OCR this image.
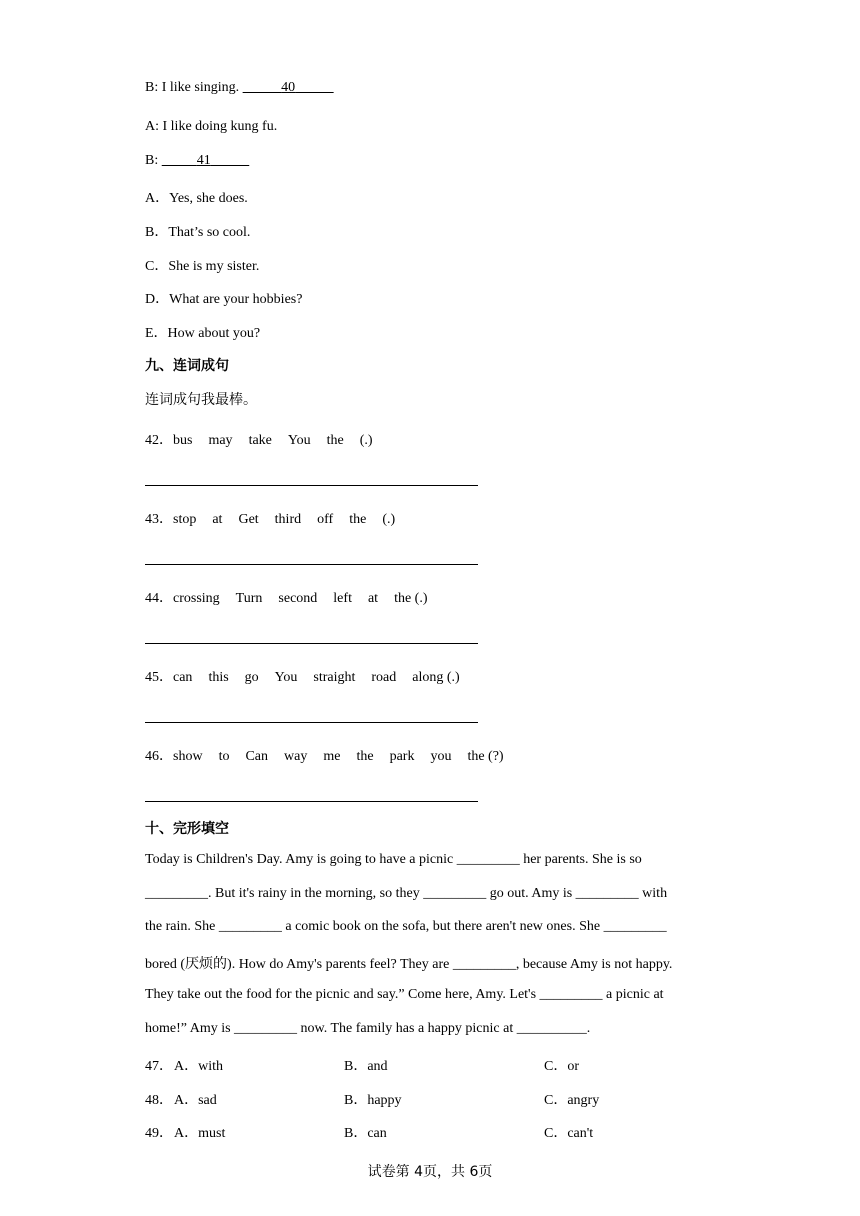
B: I like singing.	40
A: I like doing kung fu.
B:	41
A．Yes, she does.
B．That’s so cool.
C．She is my sister.
D．What are your hobbies?
E．How about you?
九、连词成句
连词成句我最棒。
42．bus may take You the (.)
43．stop at Get third off the (.)
44．crossing Turn second left at the (.)
45．can this go You straight road along (.)
46．show to Can way me the park you the (?)
十、完形填空
Today is Children's Day. Amy is going to have a picnic _________ her parents. She is so
_________. But it's rainy in the morning, so they _________ go out. Amy is _________ with
the rain. She _________ a comic book on the sofa, but there aren't new ones. She _________
bored (厌烦的). How do Amy's parents feel? They are _________, because Amy is not happy.
They take out the food for the picnic and say.” Come here, Amy. Let's _________ a picnic at
home!” Amy is _________ now. The family has a happy picnic at __________.
47． A．with	B．and	C．or
48． A．sad	B．happy	C．angry
49． A．must	B．can	C．can't
试卷第 4页，共 6页
